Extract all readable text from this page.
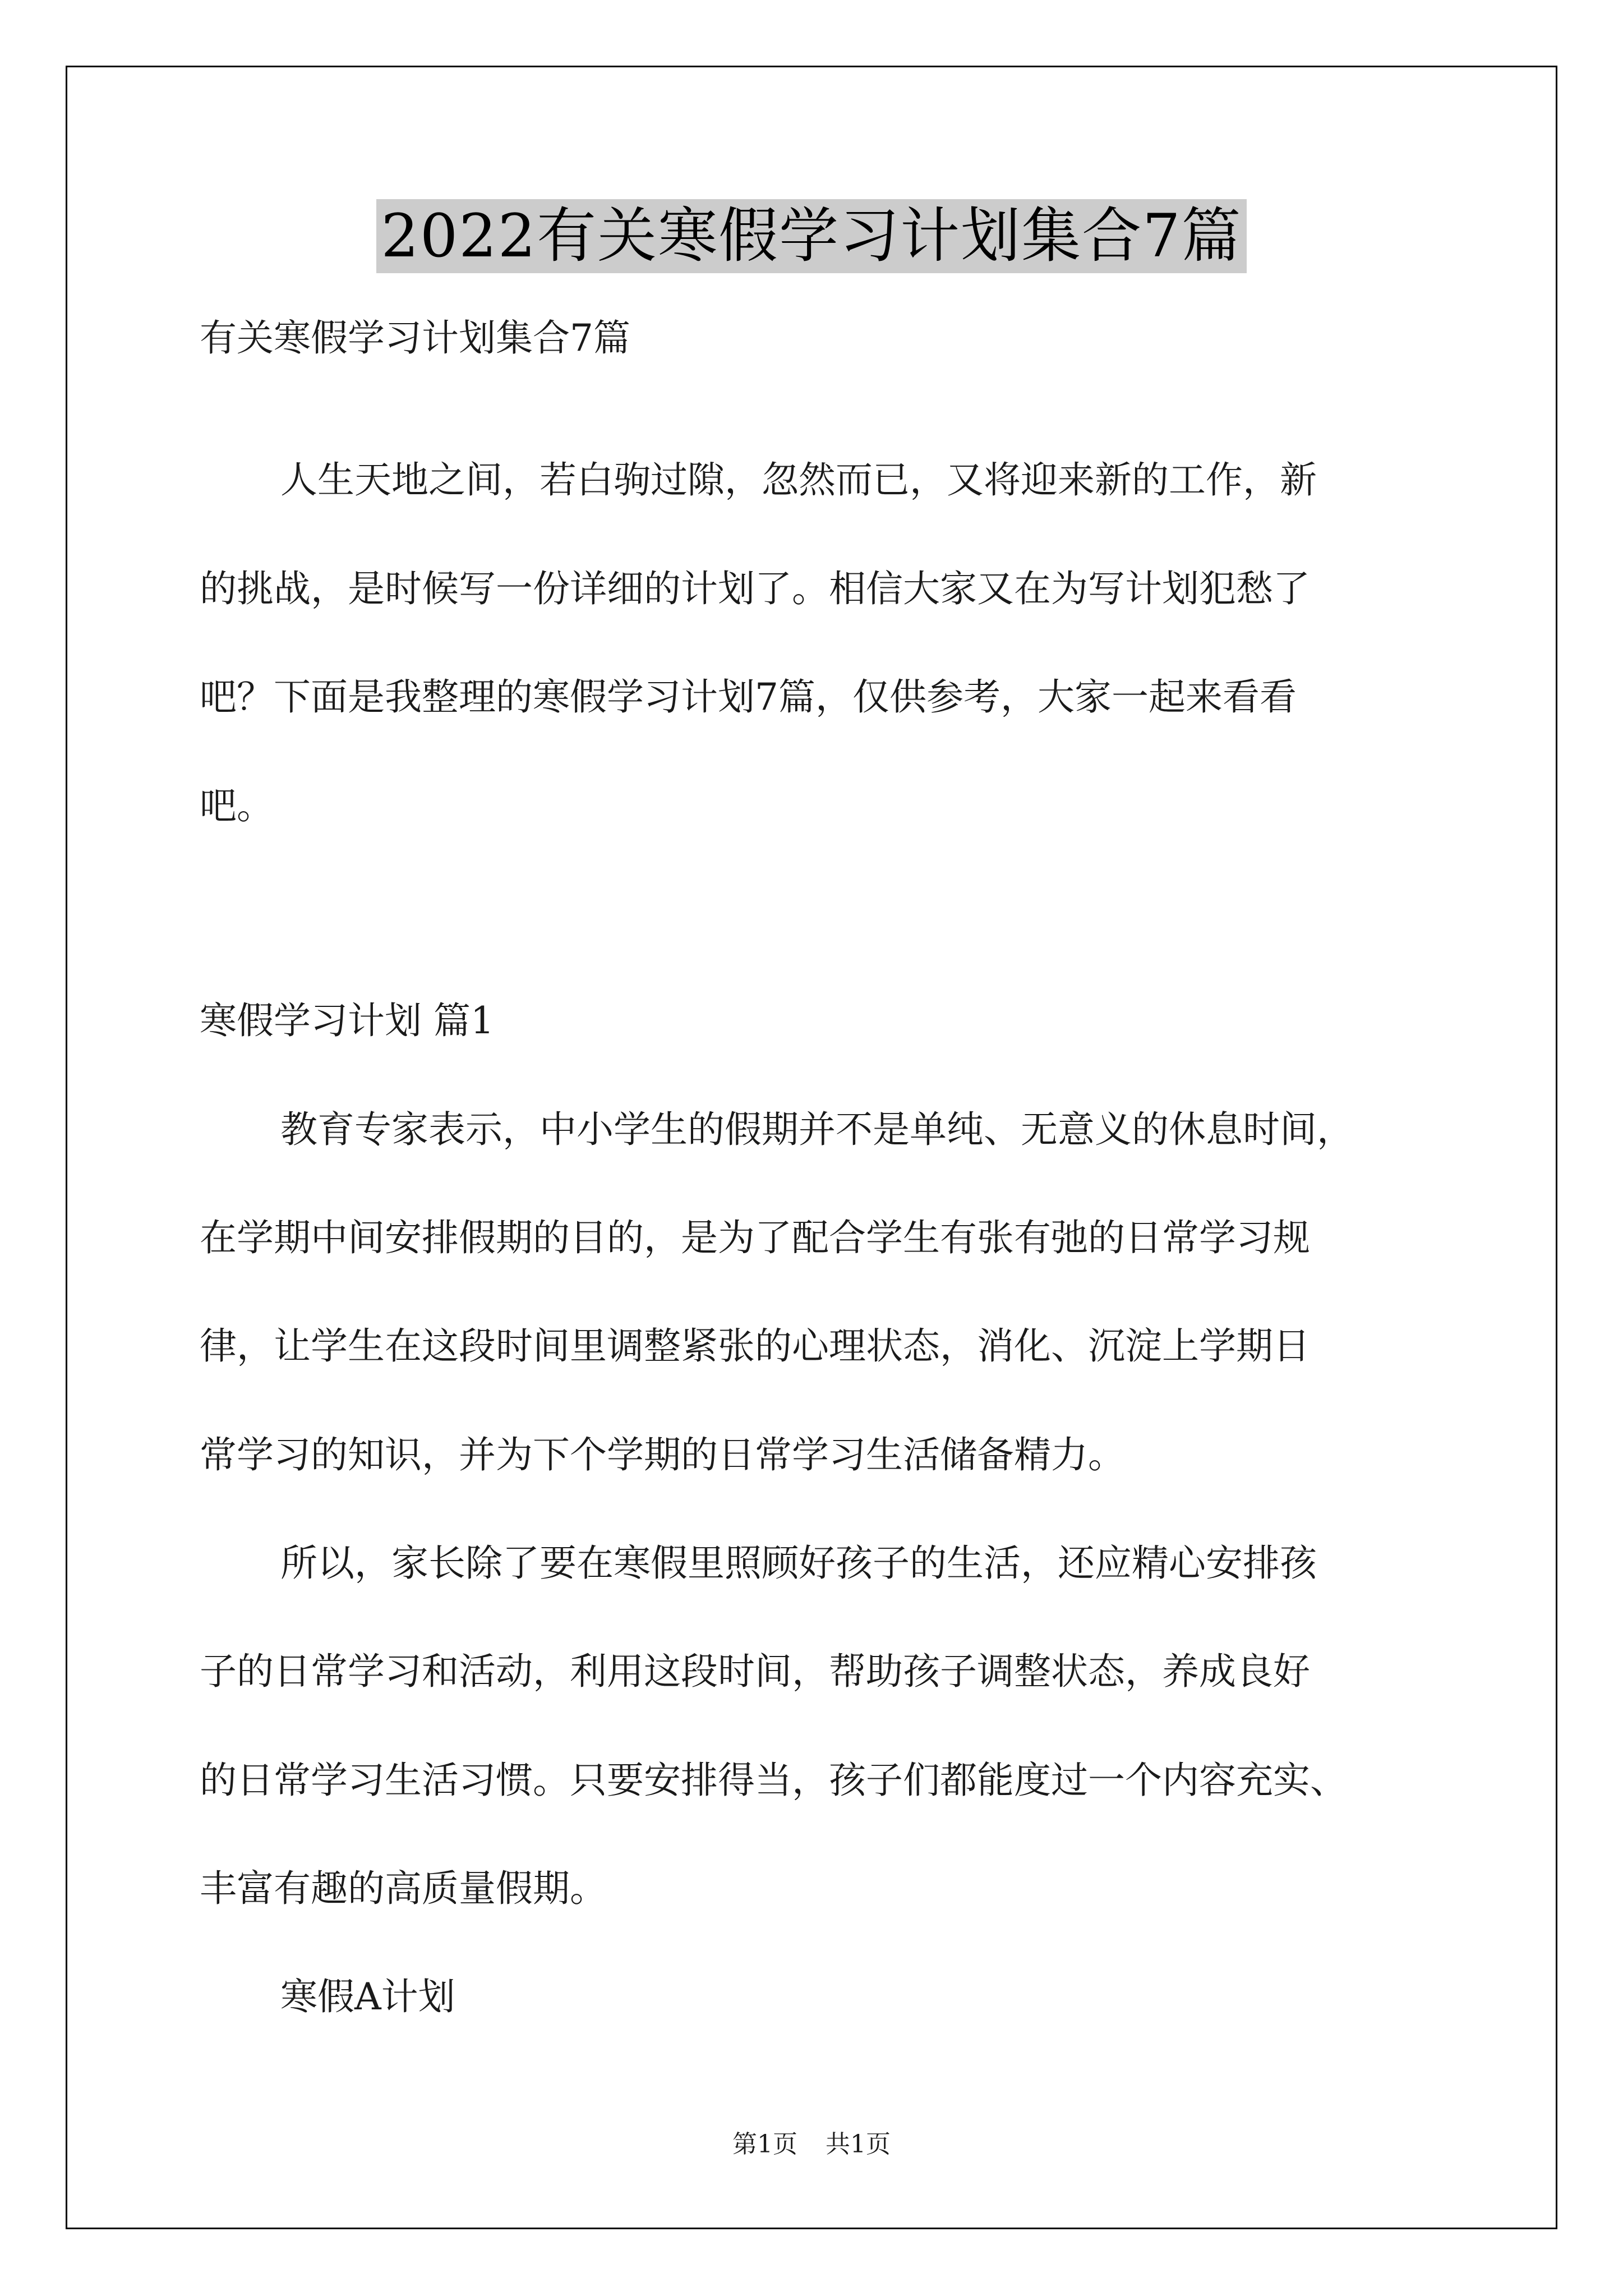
2022有关寒假学习计划集合7篇
有关寒假学习计划集合7篇
人生天地之间，若白驹过隙，忽然而已，又将迎来新的工作，新
的挑战，是时候写一份详细的计划了。相信大家又在为写计划犯愁了
吧？下面是我整理的寒假学习计划7篇，仅供参考，大家一起来看看
吧。
寒假学习计划 篇1
教育专家表示，中小学生的假期并不是单纯、无意义的休息时间，
在学期中间安排假期的目的，是为了配合学生有张有弛的日常学习规
律，让学生在这段时间里调整紧张的心理状态，消化、沉淀上学期日
常学习的知识，并为下个学期的日常学习生活储备精力。
所以，家长除了要在寒假里照顾好孩子的生活，还应精心安排孩
子的日常学习和活动，利用这段时间，帮助孩子调整状态，养成良好
的日常学习生活习惯。只要安排得当，孩子们都能度过一个内容充实、
丰富有趣的高质量假期。
寒假A计划
第1页 共1页
